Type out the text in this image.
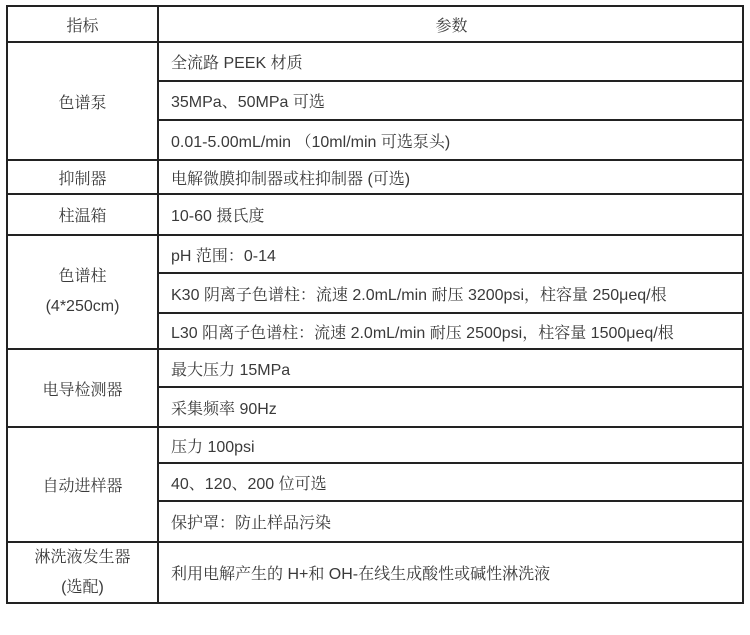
指标	参数
色谱泵	全流路 PEEK 材质
	35MPa、50MPa 可选
	0.01-5.00mL/min （10ml/min 可选泵头)
抑制器	电解微膜抑制器或柱抑制器 (可选)
柱温箱	10-60 摄氏度

色谱柱
(4*250cm)	pH 范围：0-14
	K30 阴离子色谱柱：流速 2.0mL/min 耐压 3200psi，柱容量 250μeq/根
	L30 阳离子色谱柱：流速 2.0mL/min 耐压 2500psi，柱容量 1500μeq/根
电导检测器	最大压力 15MPa
	采集频率 90Hz
自动进样器	压力 100psi
	40、120、200 位可选
	保护罩：防止样品污染

淋洗液发生器
(选配)	利用电解产生的 H+和 OH-在线生成酸性或碱性淋洗液
